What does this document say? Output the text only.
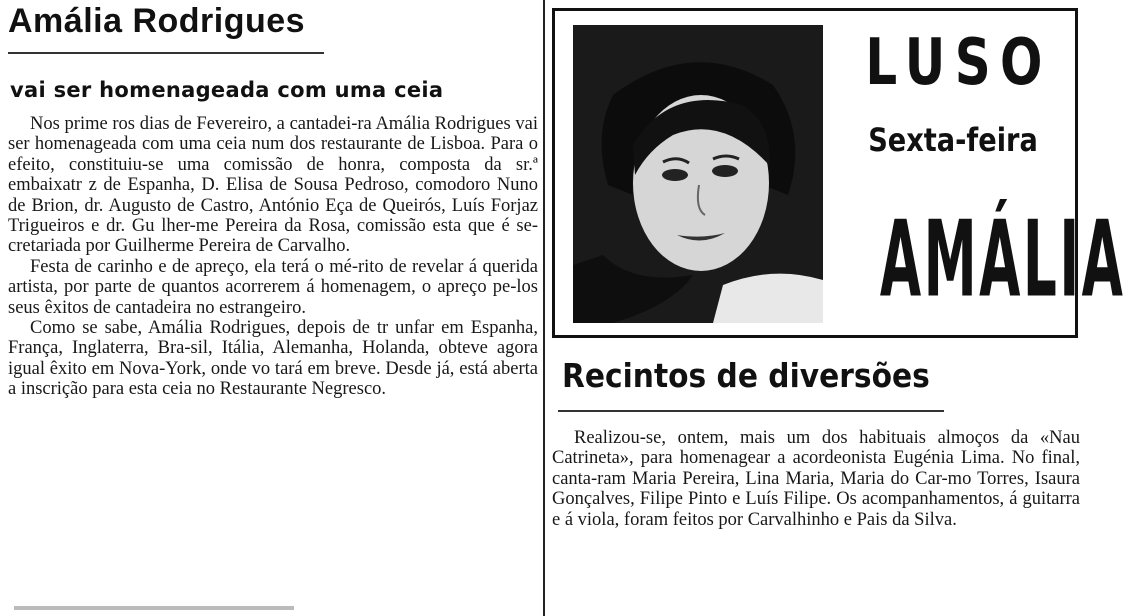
Amália Rodrigues
vai ser homenageada com uma ceia

Nos prime ros dias de Fevereiro, a cantadei-ra Amália Rodrigues vai ser homenageada com uma ceia num dos restaurante de Lisboa. Para o efeito, constituiu-se uma comissão de honra, composta da sr.ª embaixatr z de Espanha, D. Elisa de Sousa Pedroso, comodoro Nuno de Brion, dr. Augusto de Castro, António Eça de Queirós, Luís Forjaz Trigueiros e dr. Gu lher-me Pereira da Rosa, comissão esta que é se-cretariada por Guilherme Pereira de Carvalho.

Festa de carinho e de apreço, ela terá o mé-rito de revelar á querida artista, por parte de quantos acorrerem á homenagem, o apreço pe-los seus êxitos de cantadeira no estrangeiro.

Como se sabe, Amália Rodrigues, depois de tr unfar em Espanha, França, Inglaterra, Bra-sil, Itália, Alemanha, Holanda, obteve agora igual êxito em Nova-York, onde vo tará em breve. Desde já, está aberta a inscrição para esta ceia no Restaurante Negresco.

LUSO
Sexta-feira
AMÁLIA
Recintos de diversões

Realizou-se, ontem, mais um dos habituais almoços da «Nau Catrineta», para homenagear a acordeonista Eugénia Lima. No final, canta-ram Maria Pereira, Lina Maria, Maria do Car-mo Torres, Isaura Gonçalves, Filipe Pinto e Luís Filipe. Os acompanhamentos, á guitarra e á viola, foram feitos por Carvalhinho e Pais da Silva.
